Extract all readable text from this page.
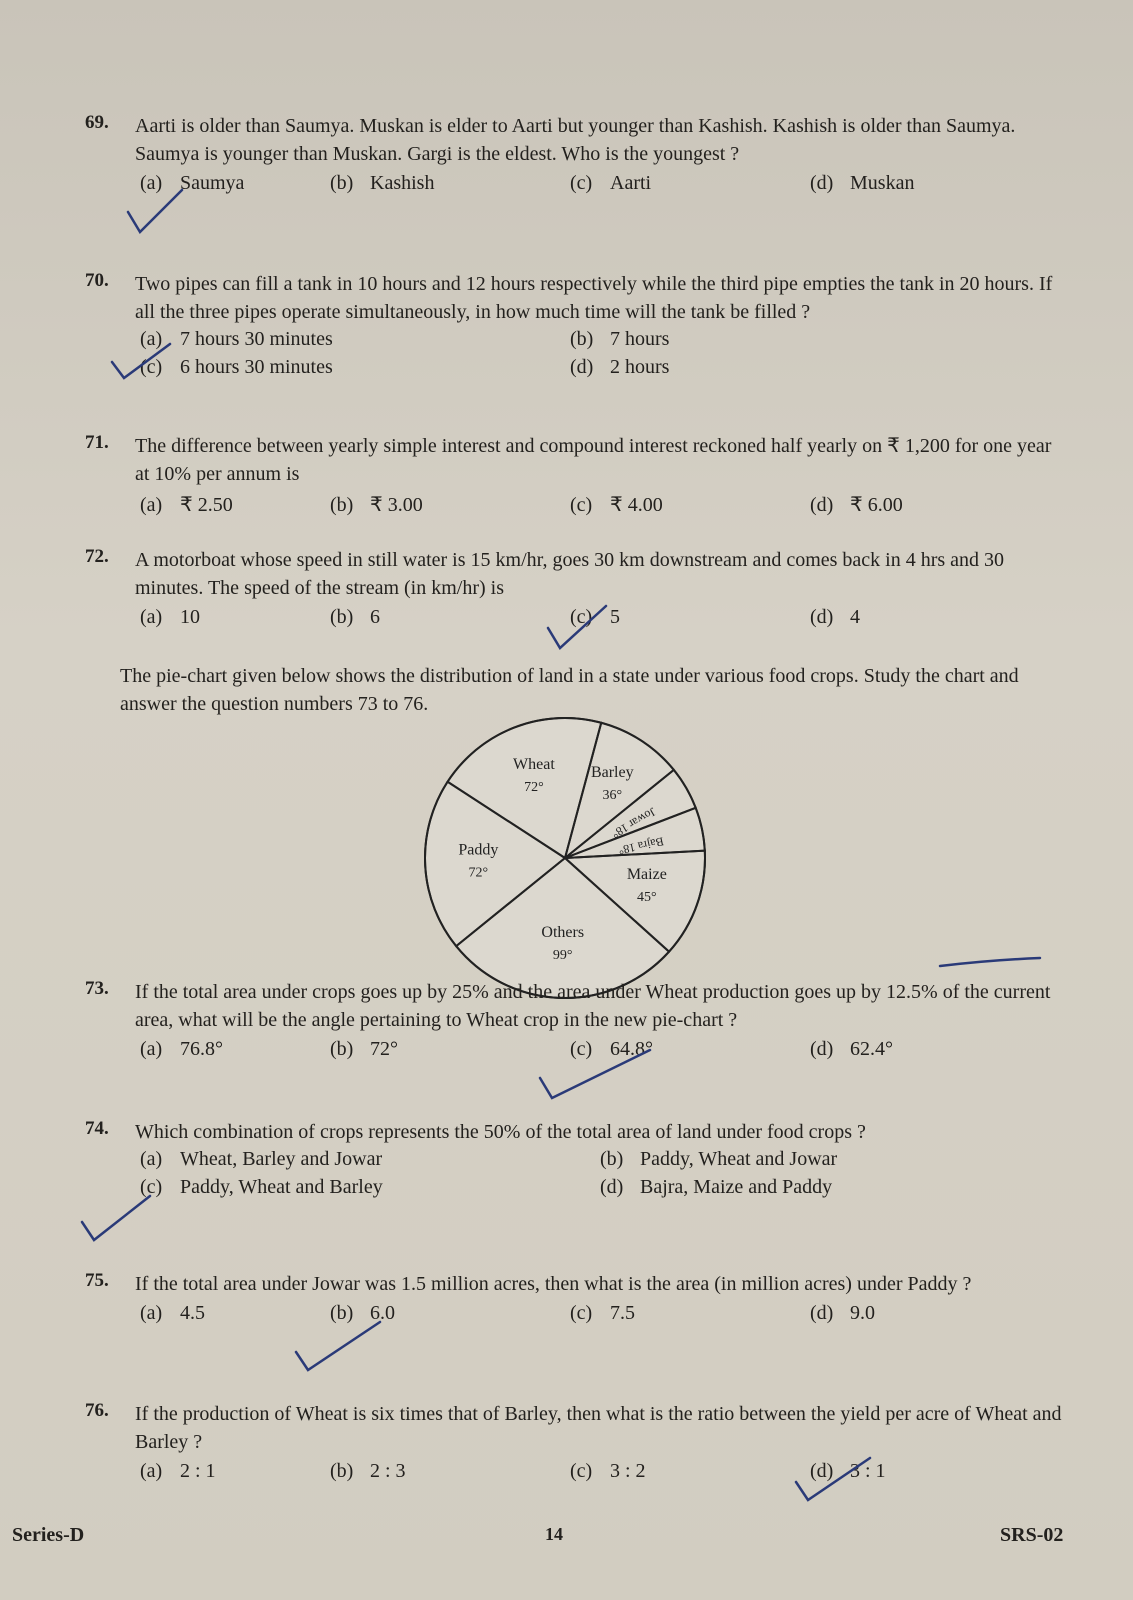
69. Aarti is older than Saumya. Muskan is elder to Aarti but younger than Kashish. Kashish is older than Saumya. Saumya is younger than Muskan. Gargi is the eldest. Who is the youngest ?
(a) Saumya	(b) Kashish	(c) Aarti	(d) Muskan
70. Two pipes can fill a tank in 10 hours and 12 hours respectively while the third pipe empties the tank in 20 hours. If all the three pipes operate simultaneously, in how much time will the tank be filled ?
(a) 7 hours 30 minutes	(b) 7 hours
(c) 6 hours 30 minutes	(d) 2 hours
71. The difference between yearly simple interest and compound interest reckoned half yearly on ₹ 1,200 for one year at 10% per annum is
(a) ₹ 2.50	(b) ₹ 3.00	(c) ₹ 4.00	(d) ₹ 6.00
72. A motorboat whose speed in still water is 15 km/hr, goes 30 km downstream and comes back in 4 hrs and 30 minutes. The speed of the stream (in km/hr) is
(a) 10	(b) 6	(c) 5	(d) 4
The pie-chart given below shows the distribution of land in a state under various food crops. Study the chart and answer the question numbers 73 to 76.
Wheat
72°
Paddy
72°
Others
99°
Maize
45°
Bajra 18°
Jowar 18°
Barley
36°
73. If the total area under crops goes up by 25% and the area under Wheat production goes up by 12.5% of the current area, what will be the angle pertaining to Wheat crop in the new pie-chart ?
(a) 76.8°	(b) 72°	(c) 64.8°	(d) 62.4°
74. Which combination of crops represents the 50% of the total area of land under food crops ?
(a) Wheat, Barley and Jowar	(b) Paddy, Wheat and Jowar
(c) Paddy, Wheat and Barley	(d) Bajra, Maize and Paddy
75. If the total area under Jowar was 1.5 million acres, then what is the area (in million acres) under Paddy ?
(a) 4.5	(b) 6.0	(c) 7.5	(d) 9.0
76. If the production of Wheat is six times that of Barley, then what is the ratio between the yield per acre of Wheat and Barley ?
(a) 2 : 1	(b) 2 : 3	(c) 3 : 2	(d) 3 : 1
Series-D	14	SRS-02
